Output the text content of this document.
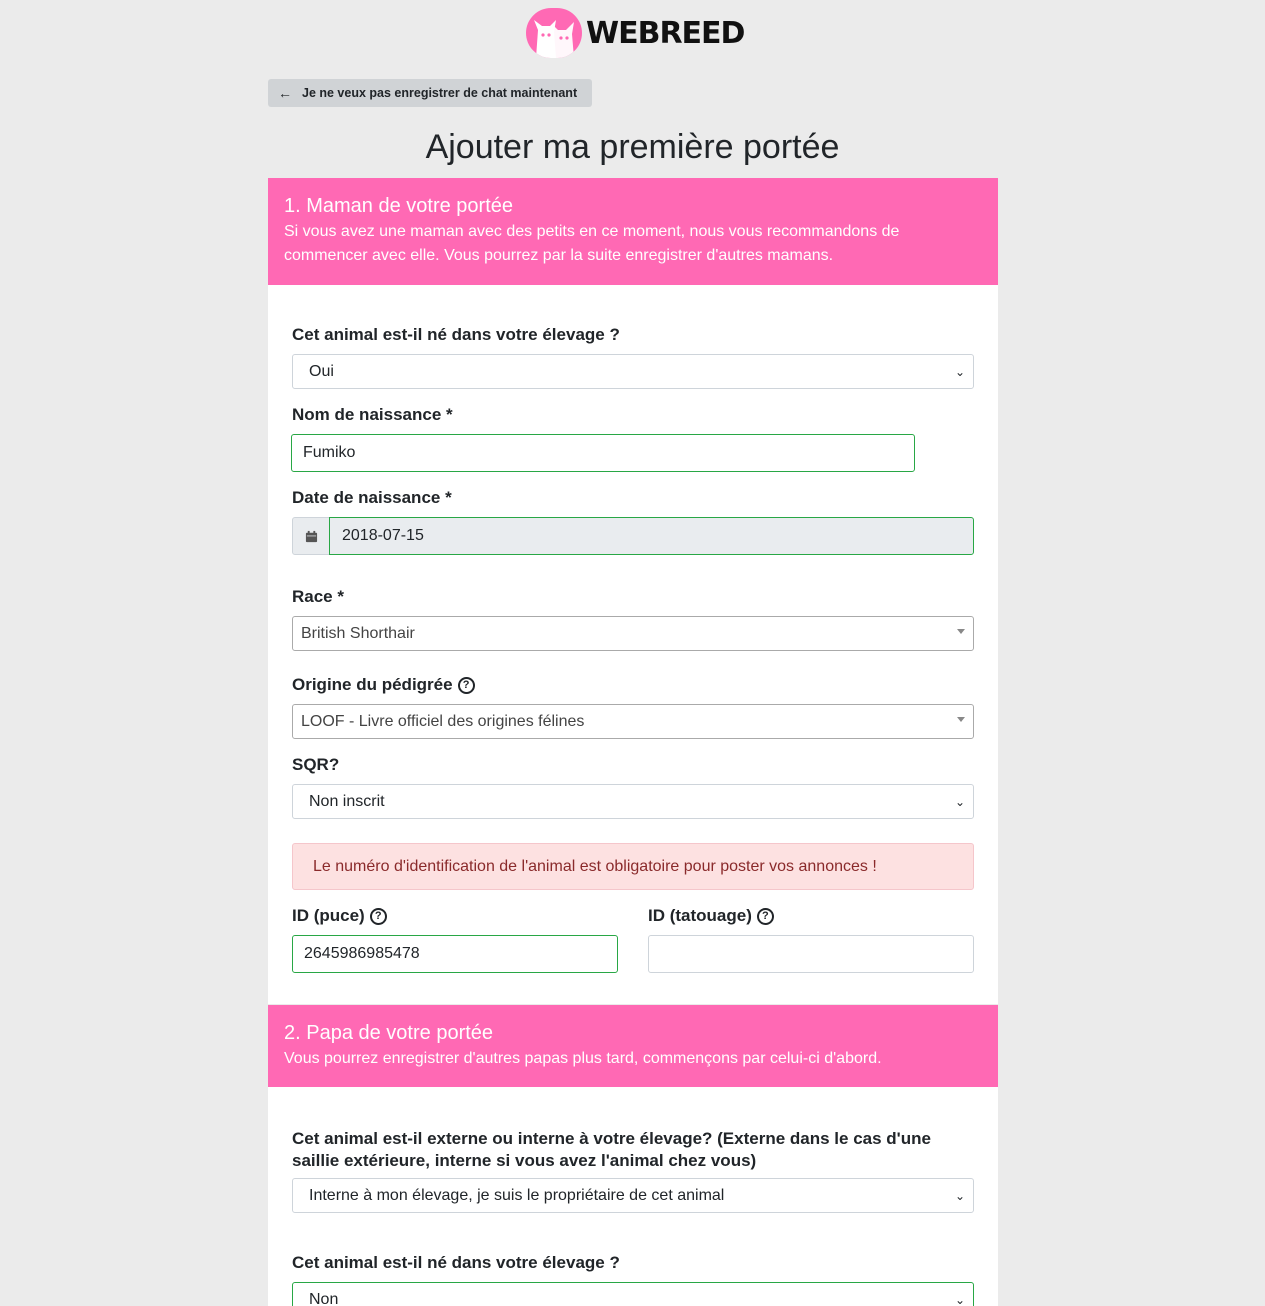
WEBREED
← Je ne veux pas enregistrer de chat maintenant
Ajouter ma première portée
1. Maman de votre portée

Si vous avez une maman avec des petits en ce moment, nous vous recommandons de commencer avec elle. Vous pourrez par la suite enregistrer d'autres mamans.

Cet animal est-il né dans votre élevage ?
Oui	⌄
Nom de naissance *
Fumiko
Date de naissance *
2018-07-15
Race *
British Shorthair
Origine du pédigrée ?
LOOF - Livre officiel des origines félines
SQR?
Non inscrit	⌄
Le numéro d'identification de l'animal est obligatoire pour poster vos annonces !
ID (puce) ?
2645986985478
ID (tatouage) ?
2. Papa de votre portée

Vous pourrez enregistrer d'autres papas plus tard, commençons par celui-ci d'abord.

Cet animal est-il externe ou interne à votre élevage? (Externe dans le cas d'une
saillie extérieure, interne si vous avez l'animal chez vous)
Interne à mon élevage, je suis le propriétaire de cet animal	⌄
Cet animal est-il né dans votre élevage ?
Non	⌄
